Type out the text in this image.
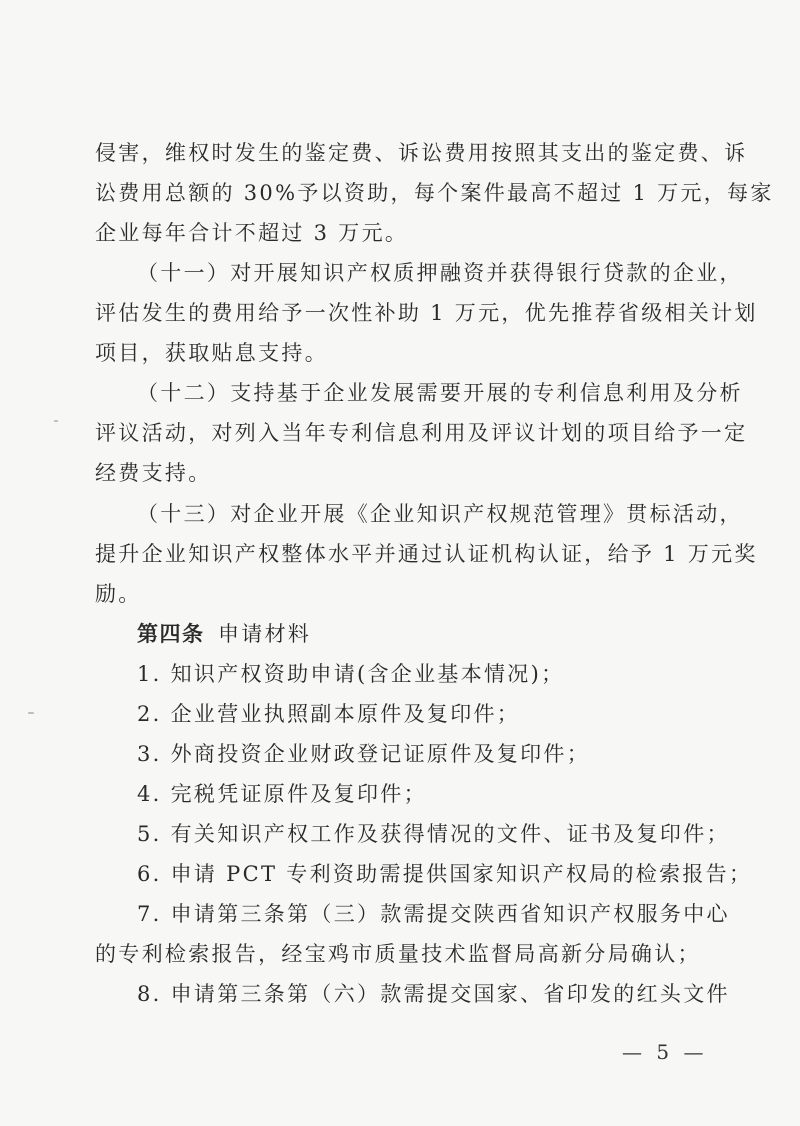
侵害，维权时发生的鉴定费、诉讼费用按照其支出的鉴定费、诉
讼费用总额的 30%予以资助，每个案件最高不超过 1 万元，每家
企业每年合计不超过 3 万元。
（十一）对开展知识产权质押融资并获得银行贷款的企业，
评估发生的费用给予一次性补助 1 万元，优先推荐省级相关计划
项目，获取贴息支持。
（十二）支持基于企业发展需要开展的专利信息利用及分析
评议活动，对列入当年专利信息利用及评议计划的项目给予一定
经费支持。
（十三）对企业开展《企业知识产权规范管理》贯标活动，
提升企业知识产权整体水平并通过认证机构认证，给予 1 万元奖
励。
第四条 申请材料
1. 知识产权资助申请(含企业基本情况)；
2. 企业营业执照副本原件及复印件；
3. 外商投资企业财政登记证原件及复印件；
4. 完税凭证原件及复印件；
5. 有关知识产权工作及获得情况的文件、证书及复印件；
6. 申请 PCT 专利资助需提供国家知识产权局的检索报告；
7. 申请第三条第（三）款需提交陕西省知识产权服务中心
的专利检索报告，经宝鸡市质量技术监督局高新分局确认；
8. 申请第三条第（六）款需提交国家、省印发的红头文件
— 5 —
